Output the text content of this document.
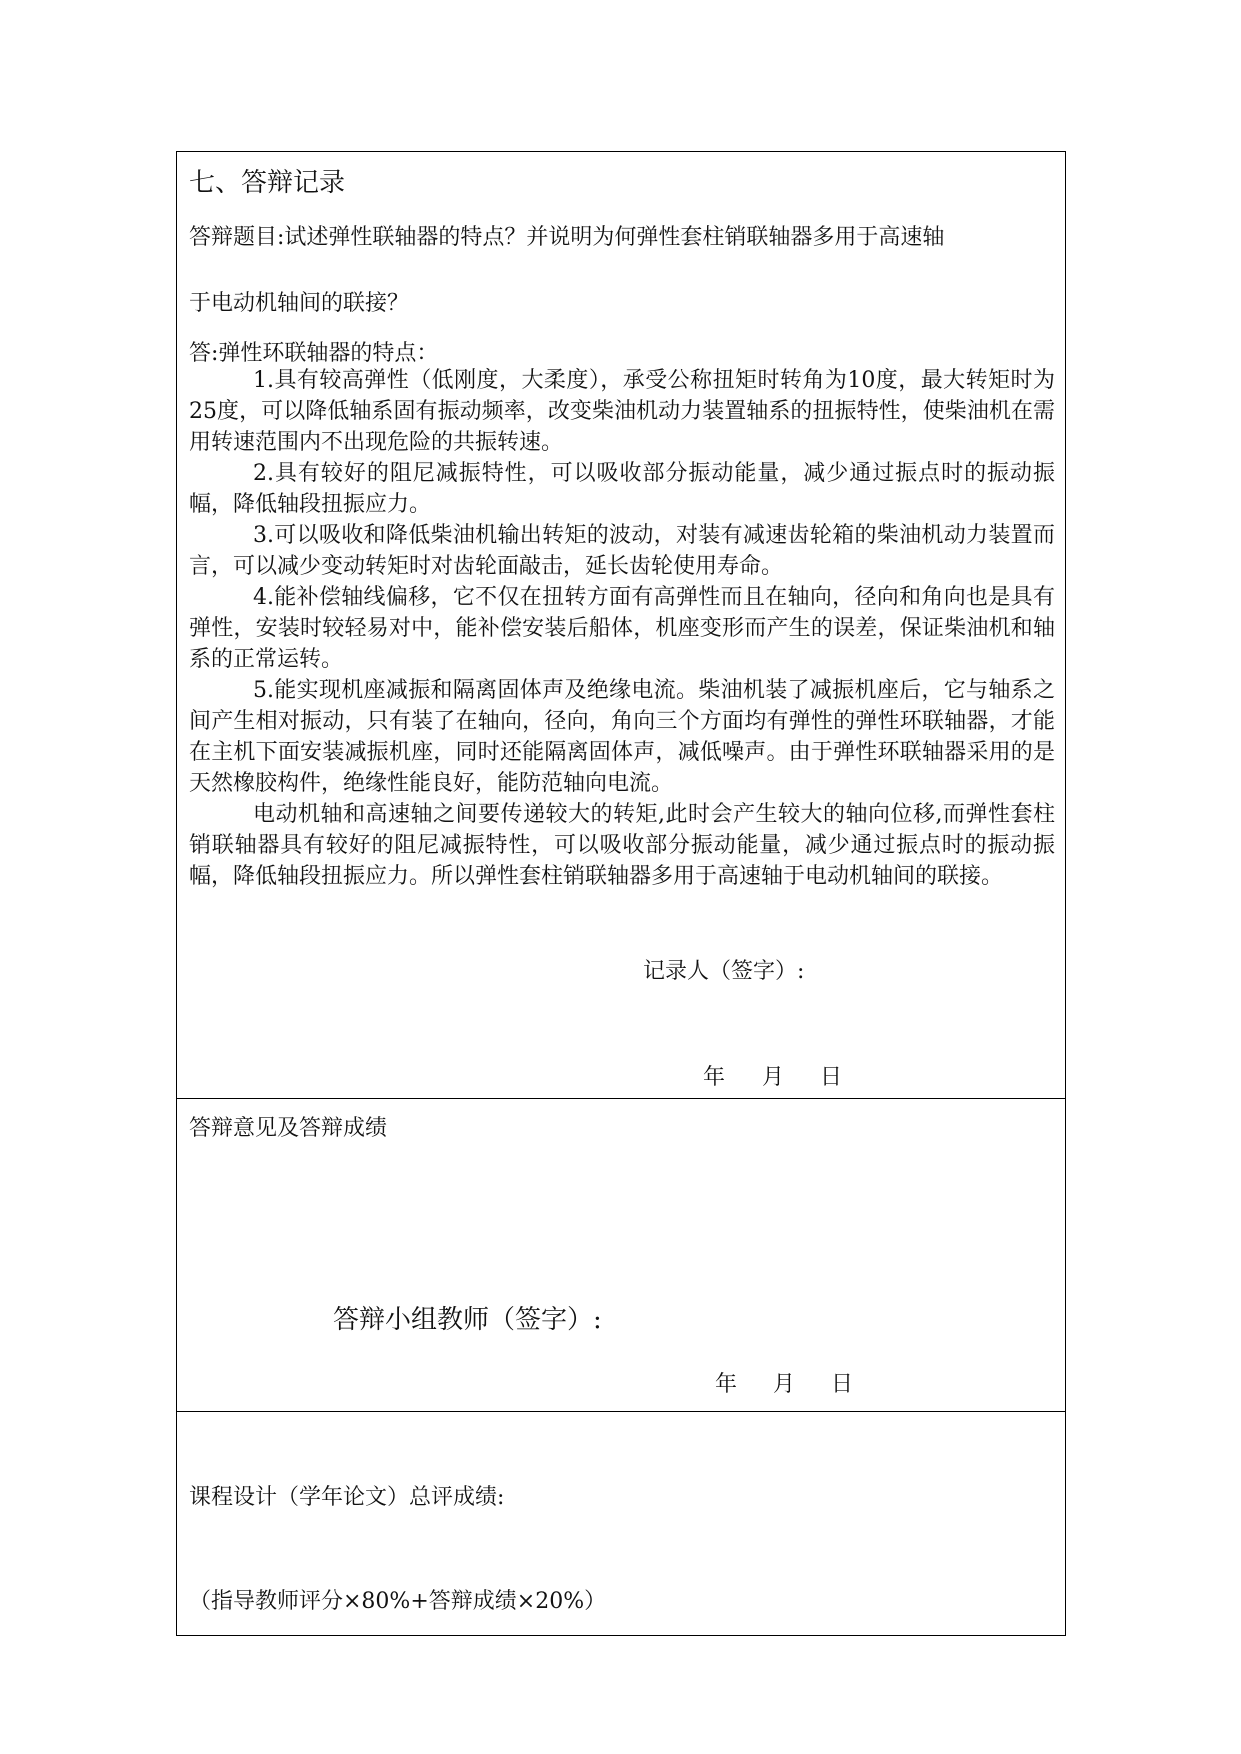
七、答辩记录
答辩题目:试述弹性联轴器的特点？并说明为何弹性套柱销联轴器多用于高速轴
于电动机轴间的联接？
答:弹性环联轴器的特点：
1.具有较高弹性（低刚度，大柔度），承受公称扭矩时转角为10度，最大转矩时为25度，可以降低轴系固有振动频率，改变柴油机动力装置轴系的扭振特性，使柴油机在需用转速范围内不出现危险的共振转速。
2.具有较好的阻尼减振特性，可以吸收部分振动能量，减少通过振点时的振动振幅，降低轴段扭振应力。
3.可以吸收和降低柴油机输出转矩的波动，对装有减速齿轮箱的柴油机动力装置而言，可以减少变动转矩时对齿轮面敲击，延长齿轮使用寿命。
4.能补偿轴线偏移，它不仅在扭转方面有高弹性而且在轴向，径向和角向也是具有弹性，安装时较轻易对中，能补偿安装后船体，机座变形而产生的误差，保证柴油机和轴系的正常运转。
5.能实现机座减振和隔离固体声及绝缘电流。柴油机装了减振机座后，它与轴系之间产生相对振动，只有装了在轴向，径向，角向三个方面均有弹性的弹性环联轴器，才能在主机下面安装减振机座，同时还能隔离固体声，减低噪声。由于弹性环联轴器采用的是天然橡胶构件，绝缘性能良好，能防范轴向电流。
电动机轴和高速轴之间要传递较大的转矩,此时会产生较大的轴向位移,而弹性套柱销联轴器具有较好的阻尼减振特性，可以吸收部分振动能量，减少通过振点时的振动振幅，降低轴段扭振应力。所以弹性套柱销联轴器多用于高速轴于电动机轴间的联接。
记录人（签字）:
年 月 日
答辩意见及答辩成绩
答辩小组教师（签字）:
年 月 日
课程设计（学年论文）总评成绩:
（指导教师评分×80%+答辩成绩×20%）
